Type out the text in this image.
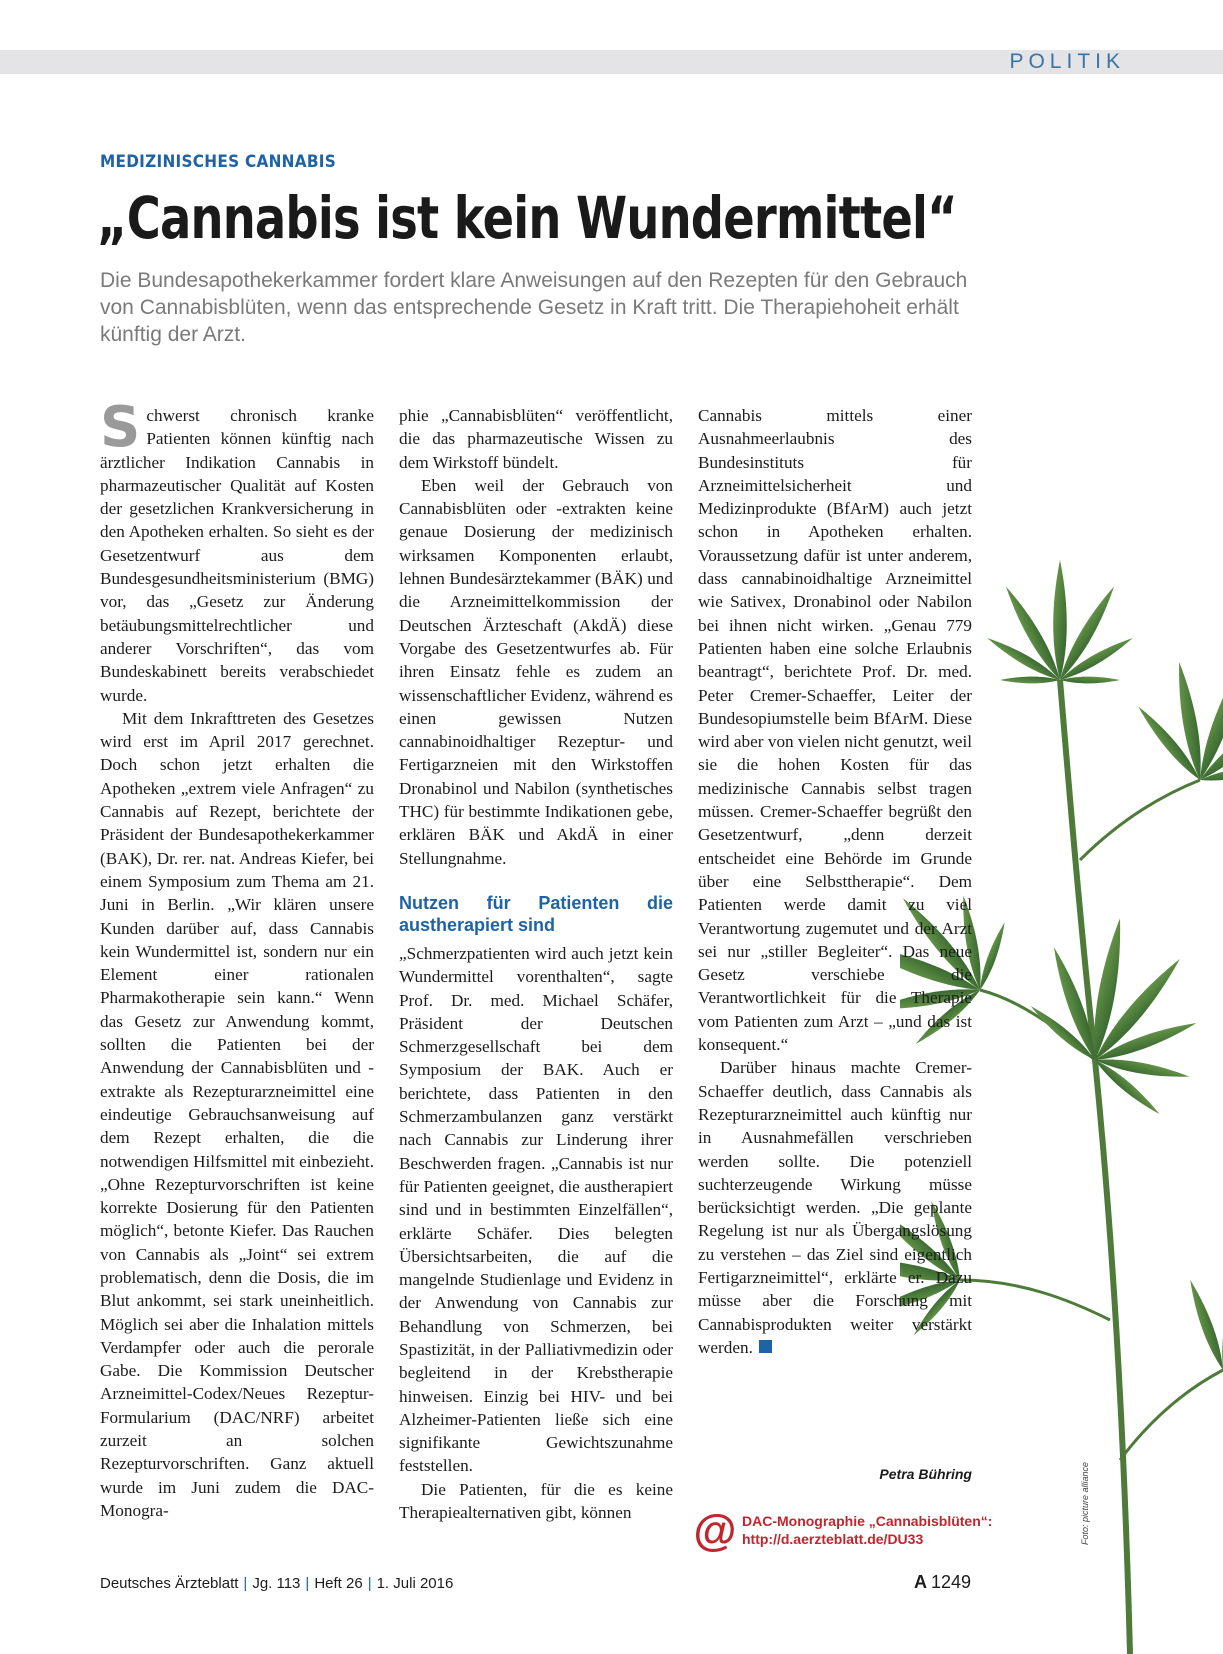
POLITIK
MEDIZINISCHES CANNABIS
„Cannabis ist kein Wundermittel“
Die Bundesapothekerkammer fordert klare Anweisungen auf den Rezepten für den Gebrauch von Cannabisblüten, wenn das entsprechende Gesetz in Kraft tritt. Die Therapiehoheit erhält künftig der Arzt.

Schwerst chronisch kranke Patienten können künftig nach ärztlicher Indikation Cannabis in pharmazeutischer Qualität auf Kosten der gesetzlichen Krankversicherung in den Apotheken erhalten. So sieht es der Gesetzentwurf aus dem Bundesgesundheitsministerium (BMG) vor, das „Gesetz zur Änderung betäubungsmittelrechtlicher und anderer Vorschriften“, das vom Bundeskabinett bereits verabschiedet wurde.

Mit dem Inkrafttreten des Gesetzes wird erst im April 2017 gerechnet. Doch schon jetzt erhalten die Apotheken „extrem viele Anfragen“ zu Cannabis auf Rezept, berichtete der Präsident der Bundesapothekerkammer (BAK), Dr. rer. nat. Andreas Kiefer, bei einem Symposium zum Thema am 21. Juni in Berlin. „Wir klären unsere Kunden darüber auf, dass Cannabis kein Wundermittel ist, sondern nur ein Element einer rationalen Pharmakotherapie sein kann.“ Wenn das Gesetz zur Anwendung kommt, sollten die Patienten bei der Anwendung der Cannabisblüten und -extrakte als Rezepturarzneimittel eine eindeutige Gebrauchsanweisung auf dem Rezept erhalten, die die notwendigen Hilfsmittel mit einbezieht. „Ohne Rezepturvorschriften ist keine korrekte Dosierung für den Patienten möglich“, betonte Kiefer. Das Rauchen von Cannabis als „Joint“ sei extrem problematisch, denn die Dosis, die im Blut ankommt, sei stark uneinheitlich. Möglich sei aber die Inhalation mittels Verdampfer oder auch die perorale Gabe. Die Kommission Deutscher Arzneimittel-Codex/Neues Rezeptur-Formularium (DAC/NRF) arbeitet zurzeit an solchen Rezepturvorschriften. Ganz aktuell wurde im Juni zudem die DAC-Monogra-

phie „Cannabisblüten“ veröffentlicht, die das pharmazeutische Wissen zu dem Wirkstoff bündelt.

Eben weil der Gebrauch von Cannabisblüten oder -extrakten keine genaue Dosierung der medizinisch wirksamen Komponenten erlaubt, lehnen Bundesärztekammer (BÄK) und die Arzneimittelkommission der Deutschen Ärzteschaft (AkdÄ) diese Vorgabe des Gesetzentwurfes ab. Für ihren Einsatz fehle es zudem an wissenschaftlicher Evidenz, während es einen gewissen Nutzen cannabinoidhaltiger Rezeptur- und Fertigarzneien mit den Wirkstoffen Dronabinol und Nabilon (synthetisches THC) für bestimmte Indikationen gebe, erklären BÄK und AkdÄ in einer Stellungnahme.

Nutzen für Patienten die austherapiert sind

„Schmerzpatienten wird auch jetzt kein Wundermittel vorenthalten“, sagte Prof. Dr. med. Michael Schäfer, Präsident der Deutschen Schmerzgesellschaft bei dem Symposium der BAK. Auch er berichtete, dass Patienten in den Schmerzambulanzen ganz verstärkt nach Cannabis zur Linderung ihrer Beschwerden fragen. „Cannabis ist nur für Patienten geeignet, die austherapiert sind und in bestimmten Einzelfällen“, erklärte Schäfer. Dies belegten Übersichtsarbeiten, die auf die mangelnde Studienlage und Evidenz in der Anwendung von Cannabis zur Behandlung von Schmerzen, bei Spastizität, in der Palliativmedizin oder begleitend in der Krebstherapie hinweisen. Einzig bei HIV- und bei Alzheimer-Patienten ließe sich eine signifikante Gewichtszunahme feststellen.

Die Patienten, für die es keine Therapiealternativen gibt, können

Cannabis mittels einer Ausnahmeerlaubnis des Bundesinstituts für Arzneimittelsicherheit und Medizinprodukte (BfArM) auch jetzt schon in Apotheken erhalten. Voraussetzung dafür ist unter anderem, dass cannabinoidhaltige Arzneimittel wie Sativex, Dronabinol oder Nabilon bei ihnen nicht wirken. „Genau 779 Patienten haben eine solche Erlaubnis beantragt“, berichtete Prof. Dr. med. Peter Cremer-Schaeffer, Leiter der Bundesopiumstelle beim BfArM. Diese wird aber von vielen nicht genutzt, weil sie die hohen Kosten für das medizinische Cannabis selbst tragen müssen. Cremer-Schaeffer begrüßt den Gesetzentwurf, „denn derzeit entscheidet eine Behörde im Grunde über eine Selbsttherapie“. Dem Patienten werde damit zu viel Verantwortung zugemutet und der Arzt sei nur „stiller Begleiter“. Das neue Gesetz verschiebe die Verantwortlichkeit für die Therapie vom Patienten zum Arzt – „und das ist konsequent.“

Darüber hinaus machte Cremer-Schaeffer deutlich, dass Cannabis als Rezepturarzneimittel auch künftig nur in Ausnahmefällen verschrieben werden sollte. Die potenziell suchterzeugende Wirkung müsse berücksichtigt werden. „Die geplante Regelung ist nur als Übergangslösung zu verstehen – das Ziel sind eigentlich Fertigarzneimittel“, erklärte er. Dazu müsse aber die Forschung mit Cannabisprodukten weiter verstärkt werden.

Petra Bühring
@ DAC-Monographie „Cannabisblüten“:
http://d.aerzteblatt.de/DU33	Foto: picture alliance
Deutsches Ärzteblatt | Jg. 113 | Heft 26 | 1. Juli 2016	A 1249
